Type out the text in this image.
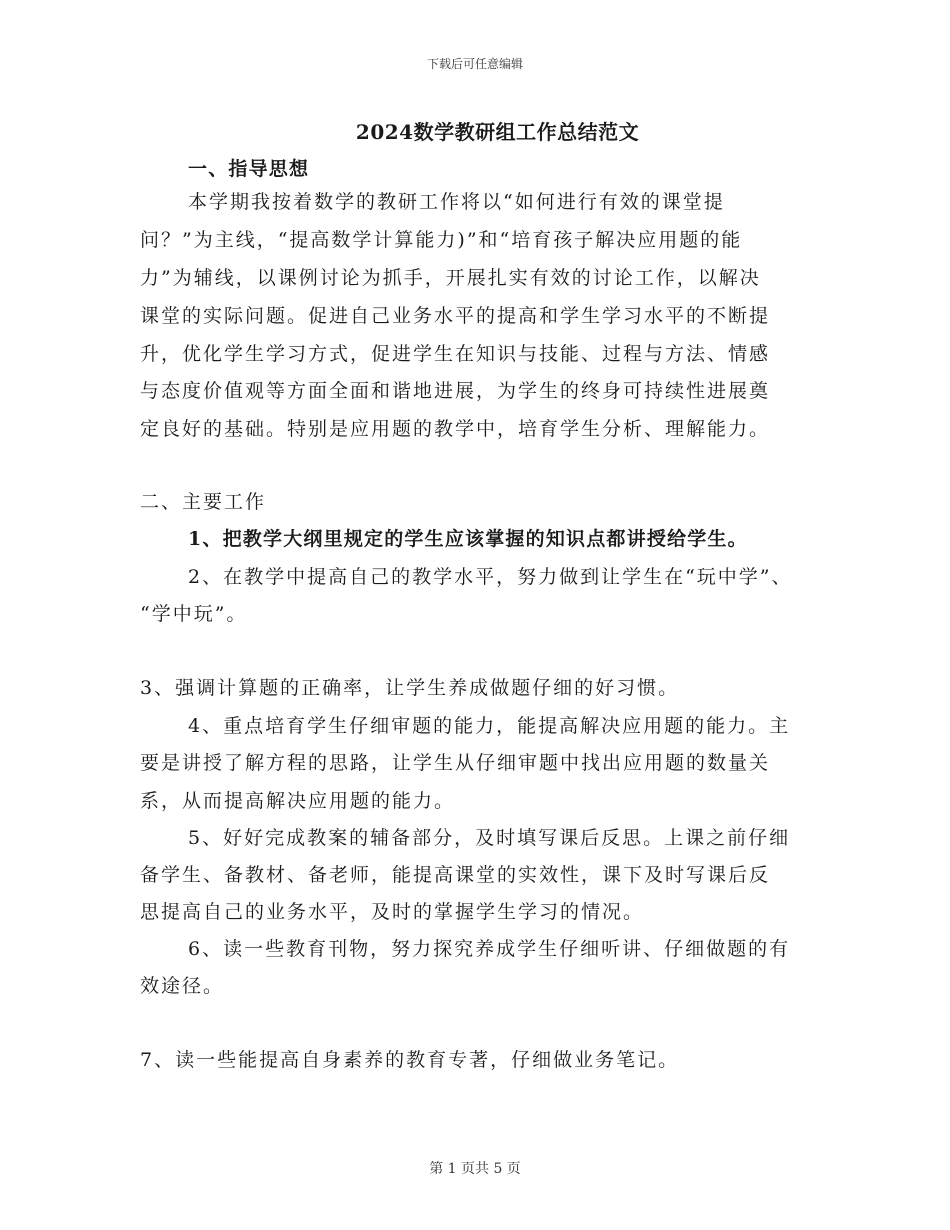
下载后可任意编辑
2024数学教研组工作总结范文
一、指导思想
本学期我按着数学的教研工作将以“如何进行有效的课堂提
问？”为主线，“提高数学计算能力)”和“培育孩子解决应用题的能
力”为辅线，以课例讨论为抓手，开展扎实有效的讨论工作，以解决
课堂的实际问题。促进自己业务水平的提高和学生学习水平的不断提
升，优化学生学习方式，促进学生在知识与技能、过程与方法、情感
与态度价值观等方面全面和谐地进展，为学生的终身可持续性进展奠
定良好的基础。特别是应用题的教学中，培育学生分析、理解能力。
二、主要工作
1、把教学大纲里规定的学生应该掌握的知识点都讲授给学生。
2、在教学中提高自己的教学水平，努力做到让学生在“玩中学”、
“学中玩”。
3、强调计算题的正确率，让学生养成做题仔细的好习惯。
4、重点培育学生仔细审题的能力，能提高解决应用题的能力。主
要是讲授了解方程的思路，让学生从仔细审题中找出应用题的数量关
系，从而提高解决应用题的能力。
5、好好完成教案的辅备部分，及时填写课后反思。上课之前仔细
备学生、备教材、备老师，能提高课堂的实效性，课下及时写课后反
思提高自己的业务水平，及时的掌握学生学习的情况。
6、读一些教育刊物，努力探究养成学生仔细听讲、仔细做题的有
效途径。
7、读一些能提高自身素养的教育专著，仔细做业务笔记。
第 1 页共 5 页
